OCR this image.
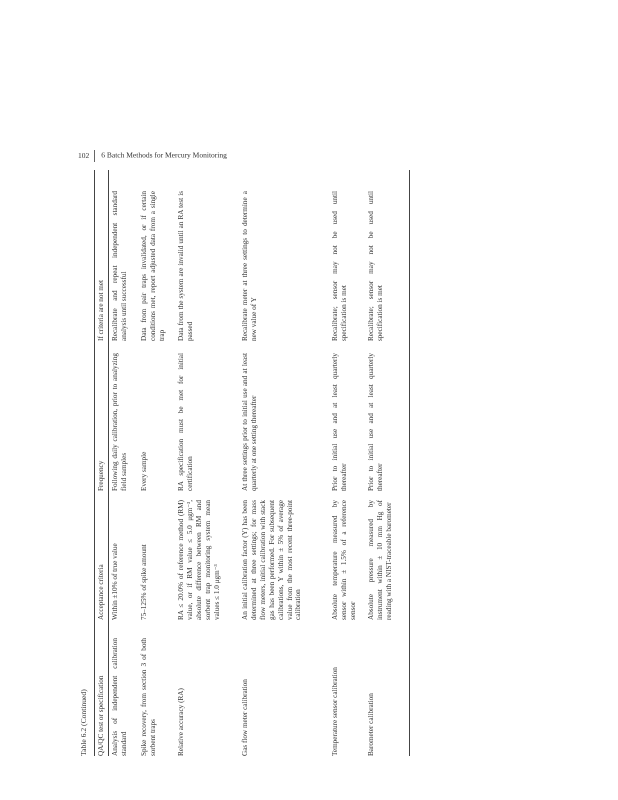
102 6 Batch Methods for Mercury Monitoring
Table 6.2 (Continued) QA/QC test or specification
Acceptance criteria
Frequency
If criteria are not met
Analysis of independent calibration standard
Within ±10% of true value
Following daily calibration, prior to analyzing field samples
Recalibrate and repeat independent standard analysis until successful
Spike recovery, from section 3 of both sorbent traps
75–125% of spike amount
Every sample
Data from pair traps invalidated, or if certain conditions met, report adjusted data from a single trap
Relative accuracy (RA)
RA ≤ 20.0% of reference method (RM) value, or if RM value ≤ 5.0 μgm⁻³, absolute difference between RM and sorbent trap monitoring system mean values ≤ 1.0 μgm⁻³
RA specification must be met for initial certification
Data from the system are invalid until an RA test is passed
Gas flow meter calibration
An initial calibration factor (Y) has been determined at three settings; for mass flow meters, initial calibration with stack gas has been performed. For subsequent calibrations, Y within ± 5% of average value from the most recent three-point calibration
At three settings prior to initial use and at least quarterly at one setting thereafter
Recalibrate meter at three settings to determine a new value of Y
Temperature sensor calibration
Absolute temperature measured by sensor within ± 1.5% of a reference sensor
Prior to initial use and at least quarterly thereafter
Recalibrate; sensor may not be used until specification is met
Barometer calibration
Absolute pressure measured by instrument within ± 10 mm Hg of reading with a NIST-traceable barometer
Prior to initial use and at least quarterly thereafter
Recalibrate; sensor may not be used until specification is met
